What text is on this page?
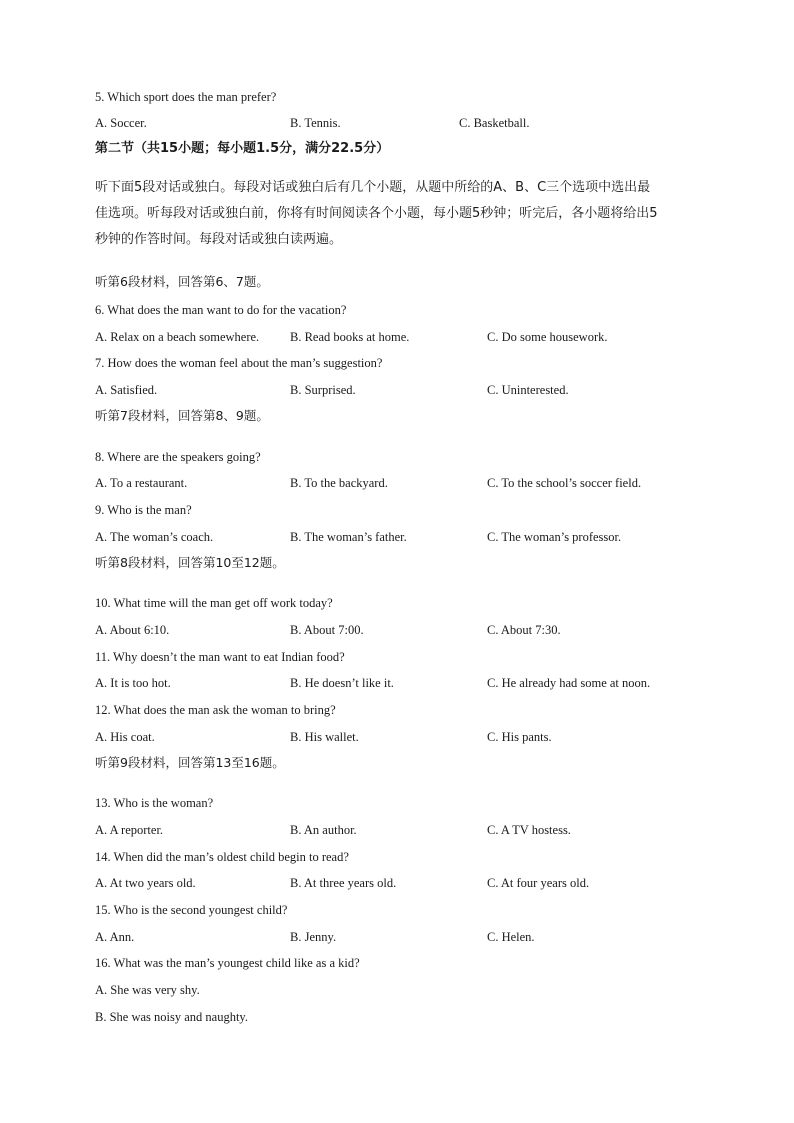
5. Which sport does the man prefer?
A. Soccer.	B. Tennis.	C. Basketball.
第二节（共15小题；每小题1.5分，满分22.5分）
听下面5段对话或独白。每段对话或独白后有几个小题，从题中所给的A、B、C三个选项中选出最
佳选项。听每段对话或独白前，你将有时间阅读各个小题，每小题5秒钟；听完后，各小题将给出5
秒钟的作答时间。每段对话或独白读两遍。
听第6段材料，回答第6、7题。
6. What does the man want to do for the vacation?
A. Relax on a beach somewhere. B. Read books at home.	C. Do some housework.
7. How does the woman feel about the man’s suggestion?
A. Satisfied.	B. Surprised.	C. Uninterested.
听第7段材料，回答第8、9题。
8. Where are the speakers going?
A. To a restaurant.	B. To the backyard.	C. To the school’s soccer field.
9. Who is the man?
A. The woman’s coach.	B. The woman’s father.	C. The woman’s professor.
听第8段材料，回答第10至12题。
10. What time will the man get off work today?
A. About 6:10.	B. About 7:00.	C. About 7:30.
11. Why doesn’t the man want to eat Indian food?
A. It is too hot.	B. He doesn’t like it.	C. He already had some at noon.
12. What does the man ask the woman to bring?
A. His coat.	B. His wallet.	C. His pants.
听第9段材料，回答第13至16题。
13. Who is the woman?
A. A reporter.	B. An author.	C. A TV hostess.
14. When did the man’s oldest child begin to read?
A. At two years old.	B. At three years old.	C. At four years old.
15. Who is the second youngest child?
A. Ann.	B. Jenny.	C. Helen.
16. What was the man’s youngest child like as a kid?
A. She was very shy.
B. She was noisy and naughty.
